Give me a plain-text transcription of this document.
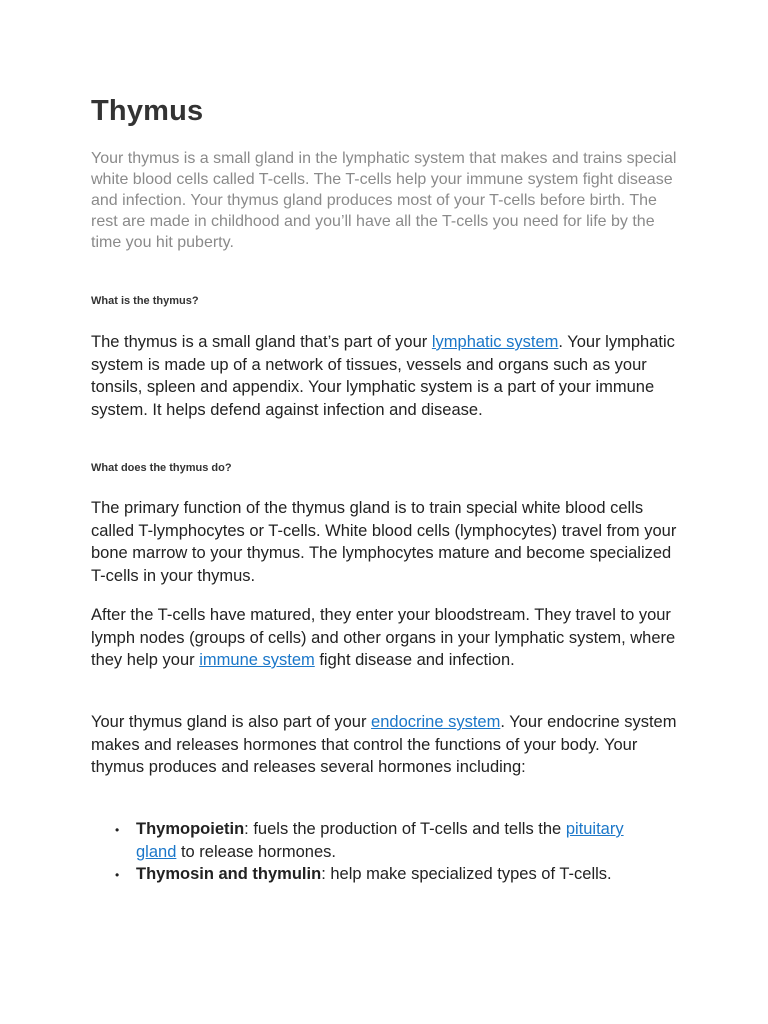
Thymus

Your thymus is a small gland in the lymphatic system that makes and trains special white blood cells called T-cells. The T-cells help your immune system fight disease and infection. Your thymus gland produces most of your T-cells before birth. The rest are made in childhood and you’ll have all the T-cells you need for life by the time you hit puberty.

What is the thymus?

The thymus is a small gland that’s part of your lymphatic system. Your lymphatic system is made up of a network of tissues, vessels and organs such as your tonsils, spleen and appendix. Your lymphatic system is a part of your immune system. It helps defend against infection and disease.

What does the thymus do?

The primary function of the thymus gland is to train special white blood cells called T-lymphocytes or T-cells. White blood cells (lymphocytes) travel from your bone marrow to your thymus. The lymphocytes mature and become specialized T-cells in your thymus.

After the T-cells have matured, they enter your bloodstream. They travel to your lymph nodes (groups of cells) and other organs in your lymphatic system, where they help your immune system fight disease and infection.

Your thymus gland is also part of your endocrine system. Your endocrine system makes and releases hormones that control the functions of your body. Your thymus produces and releases several hormones including:

• Thymopoietin: fuels the production of T-cells and tells the pituitary gland to release hormones.
• Thymosin and thymulin: help make specialized types of T-cells.
